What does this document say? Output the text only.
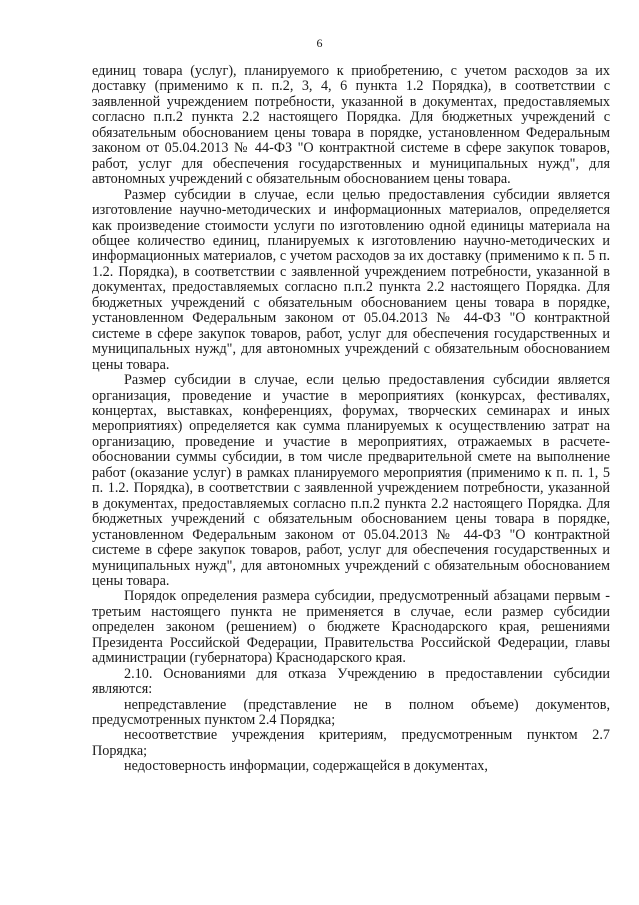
6

единиц товара (услуг), планируемого к приобретению, с учетом расходов за их доставку (применимо к п. п.2, 3, 4, 6 пункта 1.2 Порядка), в соответствии с заявленной учреждением потребности, указанной в документах, предоставляемых согласно п.п.2 пункта 2.2 настоящего Порядка. Для бюджетных учреждений с обязательным обоснованием цены товара в порядке, установленном Федеральным законом от 05.04.2013 № 44-ФЗ "О контрактной системе в сфере закупок товаров, работ, услуг для обеспечения государственных и муниципальных нужд", для автономных учреждений с обязательным обоснованием цены товара.

Размер субсидии в случае, если целью предоставления субсидии является изготовление научно-методических и информационных материалов, определяется как произведение стоимости услуги по изготовлению одной единицы материала на общее количество единиц, планируемых к изготовлению научно-методических и информационных материалов, с учетом расходов за их доставку (применимо к п. 5 п. 1.2. Порядка), в соответствии с заявленной учреждением потребности, указанной в документах, предоставляемых согласно п.п.2 пункта 2.2 настоящего Порядка. Для бюджетных учреждений с обязательным обоснованием цены товара в порядке, установленном Федеральным законом от 05.04.2013 № 44-ФЗ "О контрактной системе в сфере закупок товаров, работ, услуг для обеспечения государственных и муниципальных нужд", для автономных учреждений с обязательным обоснованием цены товара.

Размер субсидии в случае, если целью предоставления субсидии является организация, проведение и участие в мероприятиях (конкурсах, фестивалях, концертах, выставках, конференциях, форумах, творческих семинарах и иных мероприятиях) определяется как сумма планируемых к осуществлению затрат на организацию, проведение и участие в мероприятиях, отражаемых в расчете-обосновании суммы субсидии, в том числе предварительной смете на выполнение работ (оказание услуг) в рамках планируемого мероприятия (применимо к п. п. 1, 5 п. 1.2. Порядка), в соответствии с заявленной учреждением потребности, указанной в документах, предоставляемых согласно п.п.2 пункта 2.2 настоящего Порядка. Для бюджетных учреждений с обязательным обоснованием цены товара в порядке, установленном Федеральным законом от 05.04.2013 № 44-ФЗ "О контрактной системе в сфере закупок товаров, работ, услуг для обеспечения государственных и муниципальных нужд", для автономных учреждений с обязательным обоснованием цены товара.

Порядок определения размера субсидии, предусмотренный абзацами первым - третьим настоящего пункта не применяется в случае, если размер субсидии определен законом (решением) о бюджете Краснодарского края, решениями Президента Российской Федерации, Правительства Российской Федерации, главы администрации (губернатора) Краснодарского края.

2.10. Основаниями для отказа Учреждению в предоставлении субсидии являются:

непредставление (представление не в полном объеме) документов, предусмотренных пунктом 2.4 Порядка;

несоответствие учреждения критериям, предусмотренным пунктом 2.7 Порядка;

недостоверность информации, содержащейся в документах,
